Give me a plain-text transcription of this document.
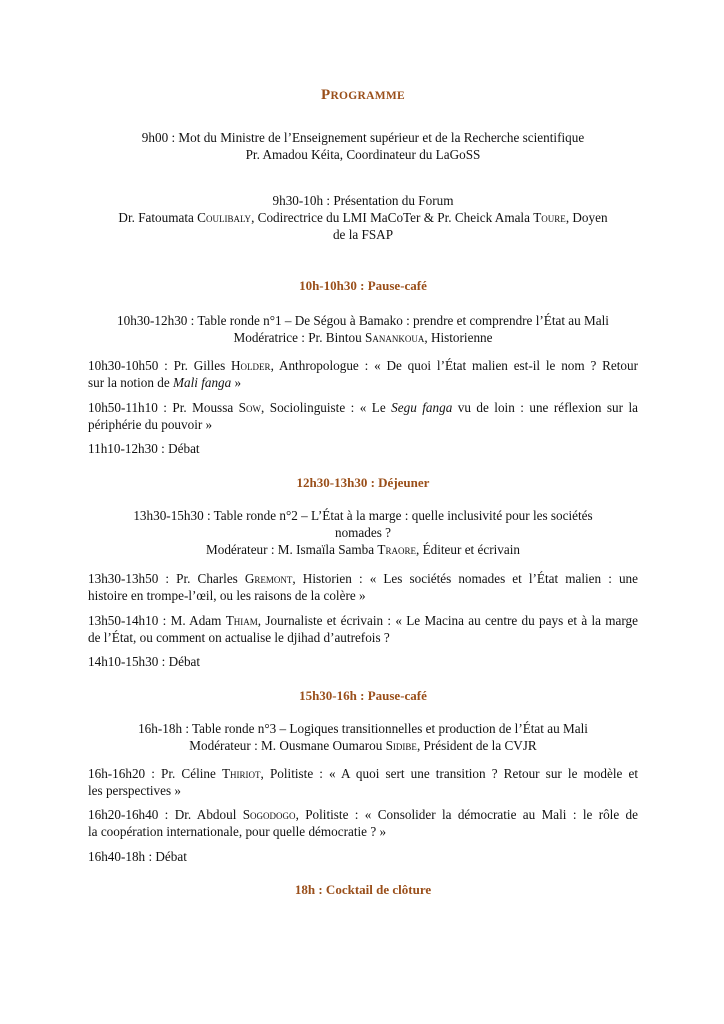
PROGRAMME
9h00 : Mot du Ministre de l’Enseignement supérieur et de la Recherche scientifique
Pr. Amadou Kéita, Coordinateur du LaGoSS
9h30-10h : Présentation du Forum
Dr. Fatoumata Coulibaly, Codirectrice du LMI MaCoTer & Pr. Cheick Amala Toure, Doyen
de la FSAP
10h-10h30 : Pause-café
10h30-12h30 : Table ronde n°1 – De Ségou à Bamako : prendre et comprendre l’État au Mali
Modératrice : Pr. Bintou Sanankoua, Historienne
10h30-10h50 : Pr. Gilles Holder, Anthropologue : « De quoi l’État malien est-il le nom ? Retour
sur la notion de Mali fanga »
10h50-11h10 : Pr. Moussa Sow, Sociolinguiste : « Le Segu fanga vu de loin : une réflexion sur la
périphérie du pouvoir »
11h10-12h30 : Débat
12h30-13h30 : Déjeuner
13h30-15h30 : Table ronde n°2 – L’État à la marge : quelle inclusivité pour les sociétés
nomades ?
Modérateur : M. Ismaïla Samba Traore, Éditeur et écrivain
13h30-13h50 : Pr. Charles Gremont, Historien : « Les sociétés nomades et l’État malien : une
histoire en trompe-l’œil, ou les raisons de la colère »
13h50-14h10 : M. Adam Thiam, Journaliste et écrivain : « Le Macina au centre du pays et à la marge
de l’État, ou comment on actualise le djihad d’autrefois ?
14h10-15h30 : Débat
15h30-16h : Pause-café
16h-18h : Table ronde n°3 – Logiques transitionnelles et production de l’État au Mali
Modérateur : M. Ousmane Oumarou Sidibe, Président de la CVJR
16h-16h20 : Pr. Céline Thiriot, Politiste : « A quoi sert une transition ? Retour sur le modèle et
les perspectives »
16h20-16h40 : Dr. Abdoul Sogodogo, Politiste : « Consolider la démocratie au Mali : le rôle de
la coopération internationale, pour quelle démocratie ? »
16h40-18h : Débat
18h : Cocktail de clôture
